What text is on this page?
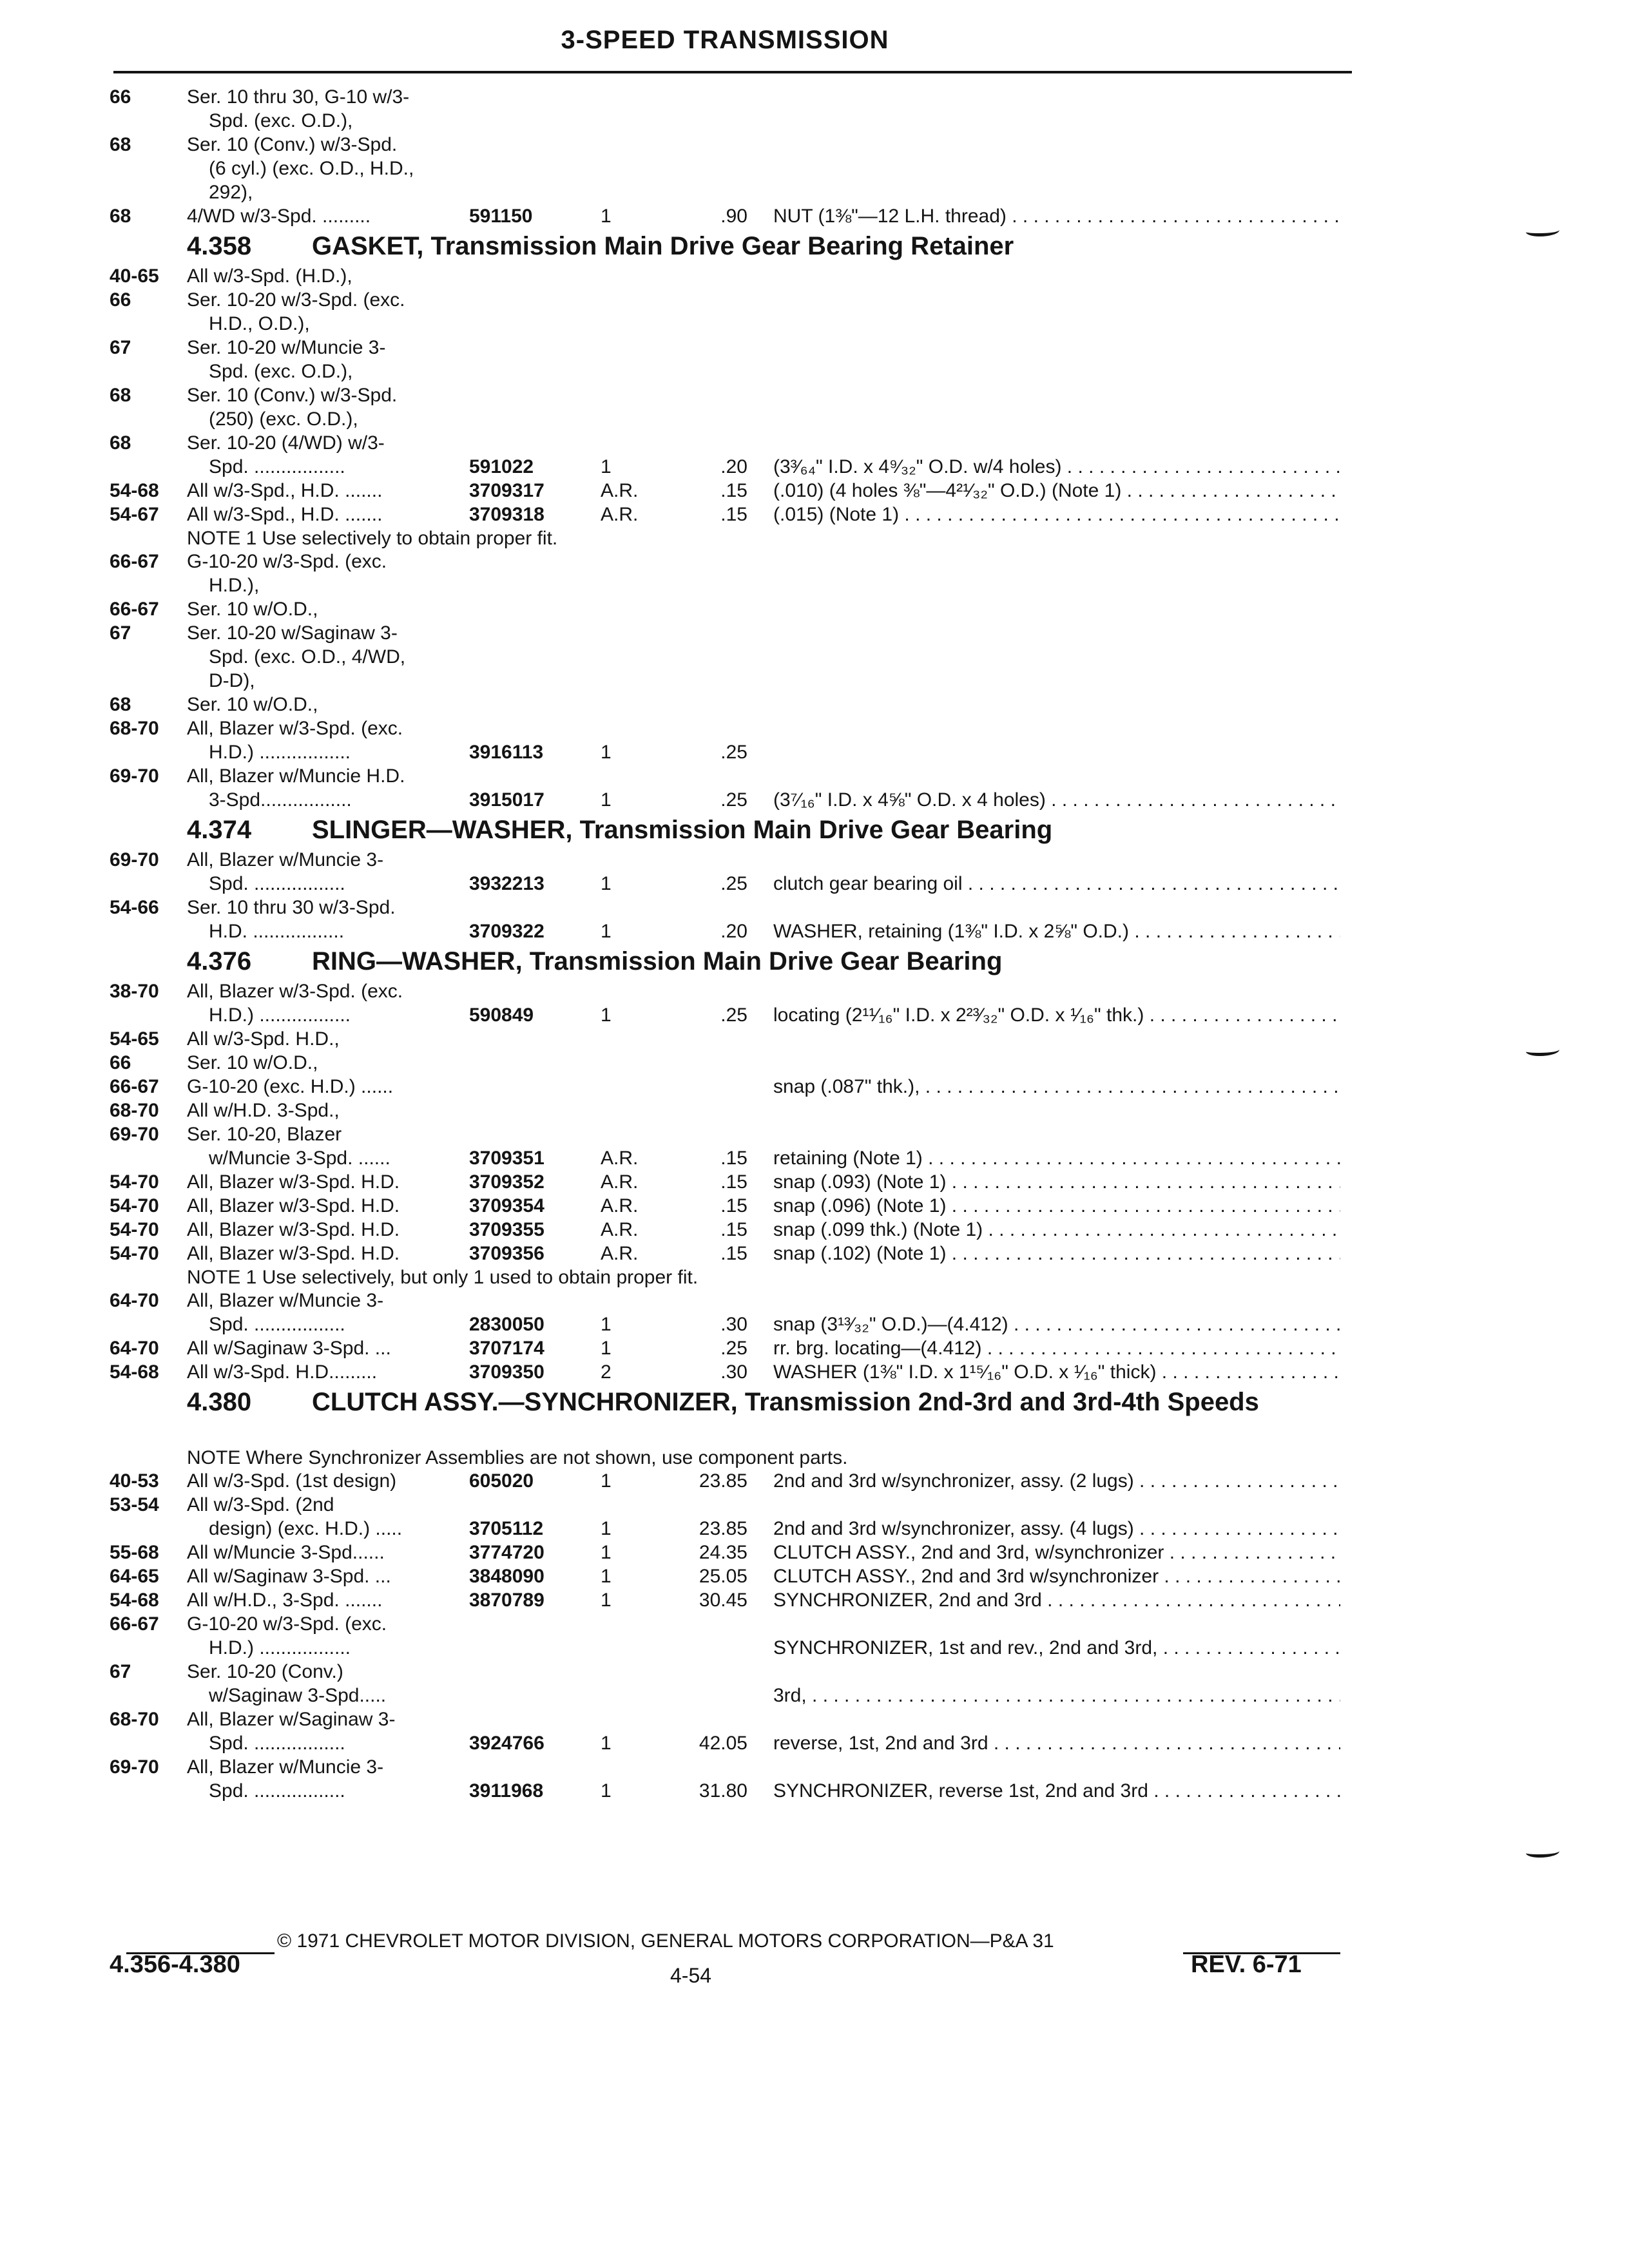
3-SPEED TRANSMISSION
66	Ser. 10 thru 30, G-10 w/3-
Spd. (exc. O.D.),
68	Ser. 10 (Conv.) w/3-Spd.
(6 cyl.) (exc. O.D., H.D.,
292),
68	4/WD w/3-Spd. .........	591150	1	.90 NUT (1⅜"—12 L.H. thread) . . .
4.358 GASKET, Transmission Main Drive Gear Bearing Retainer
40-65 All w/3-Spd. (H.D.),
66	Ser. 10-20 w/3-Spd. (exc.
H.D., O.D.),
67	Ser. 10-20 w/Muncie 3-
Spd. (exc. O.D.),
68	Ser. 10 (Conv.) w/3-Spd.
(250) (exc. O.D.),
68	Ser. 10-20 (4/WD) w/3-
Spd. .................	591022	1	.20 (3³⁄₆₄" I.D. x 4⁹⁄₃₂" O.D. w/4 holes) . . .
54-68 All w/3-Spd., H.D. .......	3709317	A.R.	.15 (.010) (4 holes ⅜"—4²¹⁄₃₂" O.D.) (Note 1) . . .
54-67 All w/3-Spd., H.D. .......	3709318	A.R.	.15 (.015) (Note 1) . . .
NOTE 1 Use selectively to obtain proper fit.
66-67 G-10-20 w/3-Spd. (exc.
H.D.),
66-67 Ser. 10 w/O.D.,
67	Ser. 10-20 w/Saginaw 3-
Spd. (exc. O.D., 4/WD,
D-D),
68	Ser. 10 w/O.D.,
68-70 All, Blazer w/3-Spd. (exc.
H.D.) .................	3916113	1	.25
69-70 All, Blazer w/Muncie H.D.
3-Spd.................	3915017	1	.25 (3⁷⁄₁₆" I.D. x 4⅝" O.D. x 4 holes) . . .
4.374 SLINGER—WASHER, Transmission Main Drive Gear Bearing
69-70 All, Blazer w/Muncie 3-
Spd. .................	3932213	1	.25 clutch gear bearing oil . . .
54-66 Ser. 10 thru 30 w/3-Spd.
H.D. .................	3709322	1	.20 WASHER, retaining (1⅜" I.D. x 2⅝" O.D.) . . .
4.376 RING—WASHER, Transmission Main Drive Gear Bearing
38-70 All, Blazer w/3-Spd. (exc.
H.D.) .................	590849	1	.25 locating (2¹¹⁄₁₆" I.D. x 2²³⁄₃₂" O.D. x ¹⁄₁₆" thk.) . . .
54-65 All w/3-Spd. H.D.,
66	Ser. 10 w/O.D.,
66-67 G-10-20 (exc. H.D.) ......	snap (.087" thk.), . . .
68-70 All w/H.D. 3-Spd.,
69-70 Ser. 10-20, Blazer
w/Muncie 3-Spd. ......	3709351	A.R.	.15 retaining (Note 1) . . .
54-70 All, Blazer w/3-Spd. H.D.	3709352	A.R.	.15 snap (.093) (Note 1) . . .
54-70 All, Blazer w/3-Spd. H.D.	3709354	A.R.	.15 snap (.096) (Note 1) . . .
54-70 All, Blazer w/3-Spd. H.D.	3709355	A.R.	.15 snap (.099 thk.) (Note 1) . . .
54-70 All, Blazer w/3-Spd. H.D.	3709356	A.R.	.15 snap (.102) (Note 1) . . .
NOTE 1 Use selectively, but only 1 used to obtain proper fit.
64-70 All, Blazer w/Muncie 3-
Spd. .................	2830050	1	.30 snap (3¹³⁄₃₂" O.D.)—(4.412) . . .
64-70 All w/Saginaw 3-Spd. ...	3707174	1	.25 rr. brg. locating—(4.412) . . .
54-68 All w/3-Spd. H.D.........	3709350	2	.30 WASHER (1⅜" I.D. x 1¹⁵⁄₁₆" O.D. x ¹⁄₁₆" thick) . . .
4.380 CLUTCH ASSY.—SYNCHRONIZER, Transmission 2nd-3rd and 3rd-4th Speeds
NOTE Where Synchronizer Assemblies are not shown, use component parts.
40-53 All w/3-Spd. (1st design)	605020	1	23.85 2nd and 3rd w/synchronizer, assy. (2 lugs) . . .
53-54 All w/3-Spd. (2nd
design) (exc. H.D.) .....	3705112	1	23.85 2nd and 3rd w/synchronizer, assy. (4 lugs) . . .
55-68 All w/Muncie 3-Spd......	3774720	1	24.35 CLUTCH ASSY., 2nd and 3rd, w/synchronizer . . .
64-65 All w/Saginaw 3-Spd. ...	3848090	1	25.05 CLUTCH ASSY., 2nd and 3rd w/synchronizer . . .
54-68 All w/H.D., 3-Spd. .......	3870789	1	30.45 SYNCHRONIZER, 2nd and 3rd . . .
66-67 G-10-20 w/3-Spd. (exc.
H.D.) .................	SYNCHRONIZER, 1st and rev., 2nd and 3rd, . . .
67	Ser. 10-20 (Conv.)
w/Saginaw 3-Spd.....	3rd, . . .
68-70 All, Blazer w/Saginaw 3-
Spd. .................	3924766	1	42.05 reverse, 1st, 2nd and 3rd . . .
69-70 All, Blazer w/Muncie 3-
Spd. .................	3911968	1	31.80 SYNCHRONIZER, reverse 1st, 2nd and 3rd . . .
© 1971 CHEVROLET MOTOR DIVISION, GENERAL MOTORS CORPORATION—P&A 31
4.356-4.380	4-54	REV. 6-71
